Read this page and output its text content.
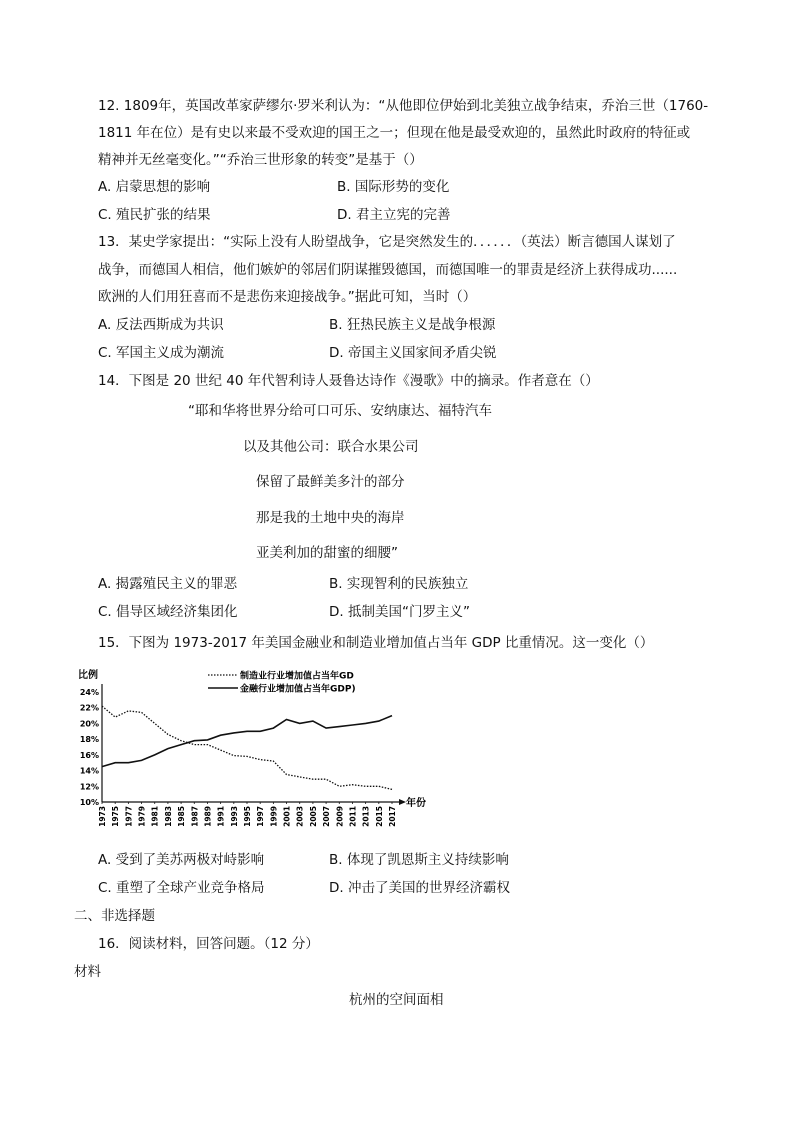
12. 1809年，英国改革家萨缪尔·罗米利认为：“从他即位伊始到北美独立战争结束，乔治三世（1760-
1811 年在位）是有史以来最不受欢迎的国王之一；但现在他是最受欢迎的，虽然此时政府的特征或
精神并无丝毫变化。”“乔治三世形象的转变”是基于（）
A. 启蒙思想的影响	B. 国际形势的变化
C. 殖民扩张的结果	D. 君主立宪的完善
13．某史学家提出：“实际上没有人盼望战争，它是突然发生的．．．．．．（英法）断言德国人谋划了
战争，而德国人相信，他们嫉妒的邻居们阴谋摧毁德国，而德国唯一的罪责是经济上获得成功......
欧洲的人们用狂喜而不是悲伤来迎接战争。”据此可知，当时（）
A. 反法西斯成为共识	B. 狂热民族主义是战争根源
C. 军国主义成为潮流	D. 帝国主义国家间矛盾尖锐
14．下图是 20 世纪 40 年代智利诗人聂鲁达诗作《漫歌》中的摘录。作者意在（）
“耶和华将世界分给可口可乐、安纳康达、福特汽车
以及其他公司：联合水果公司
保留了最鲜美多汁的部分
那是我的土地中央的海岸
亚美利加的甜蜜的细腰”
A. 揭露殖民主义的罪恶	B. 实现智利的民族独立
C. 倡导区域经济集团化	D. 抵制美国“门罗主义”
15．下图为 1973-2017 年美国金融业和制造业增加值占当年 GDP 比重情况。这一变化（）
24%
22%
20%
18%
16%
14%
12%
10%
1973 1975 1977 1979 1981 1983 1985 1987 1989 1991 1993 1995 1997 1999 2001 2003 2005 2007 2009 2011 2013 2015 2017
制造业行业增加值占当年GD
金融行业增加值占当年GDP)
比例
年份
A. 受到了美苏两极对峙影响	B. 体现了凯恩斯主义持续影响
C. 重塑了全球产业竞争格局	D. 冲击了美国的世界经济霸权
二、非选择题
16．阅读材料，回答问题。（12 分）
材料
杭州的空间面相
